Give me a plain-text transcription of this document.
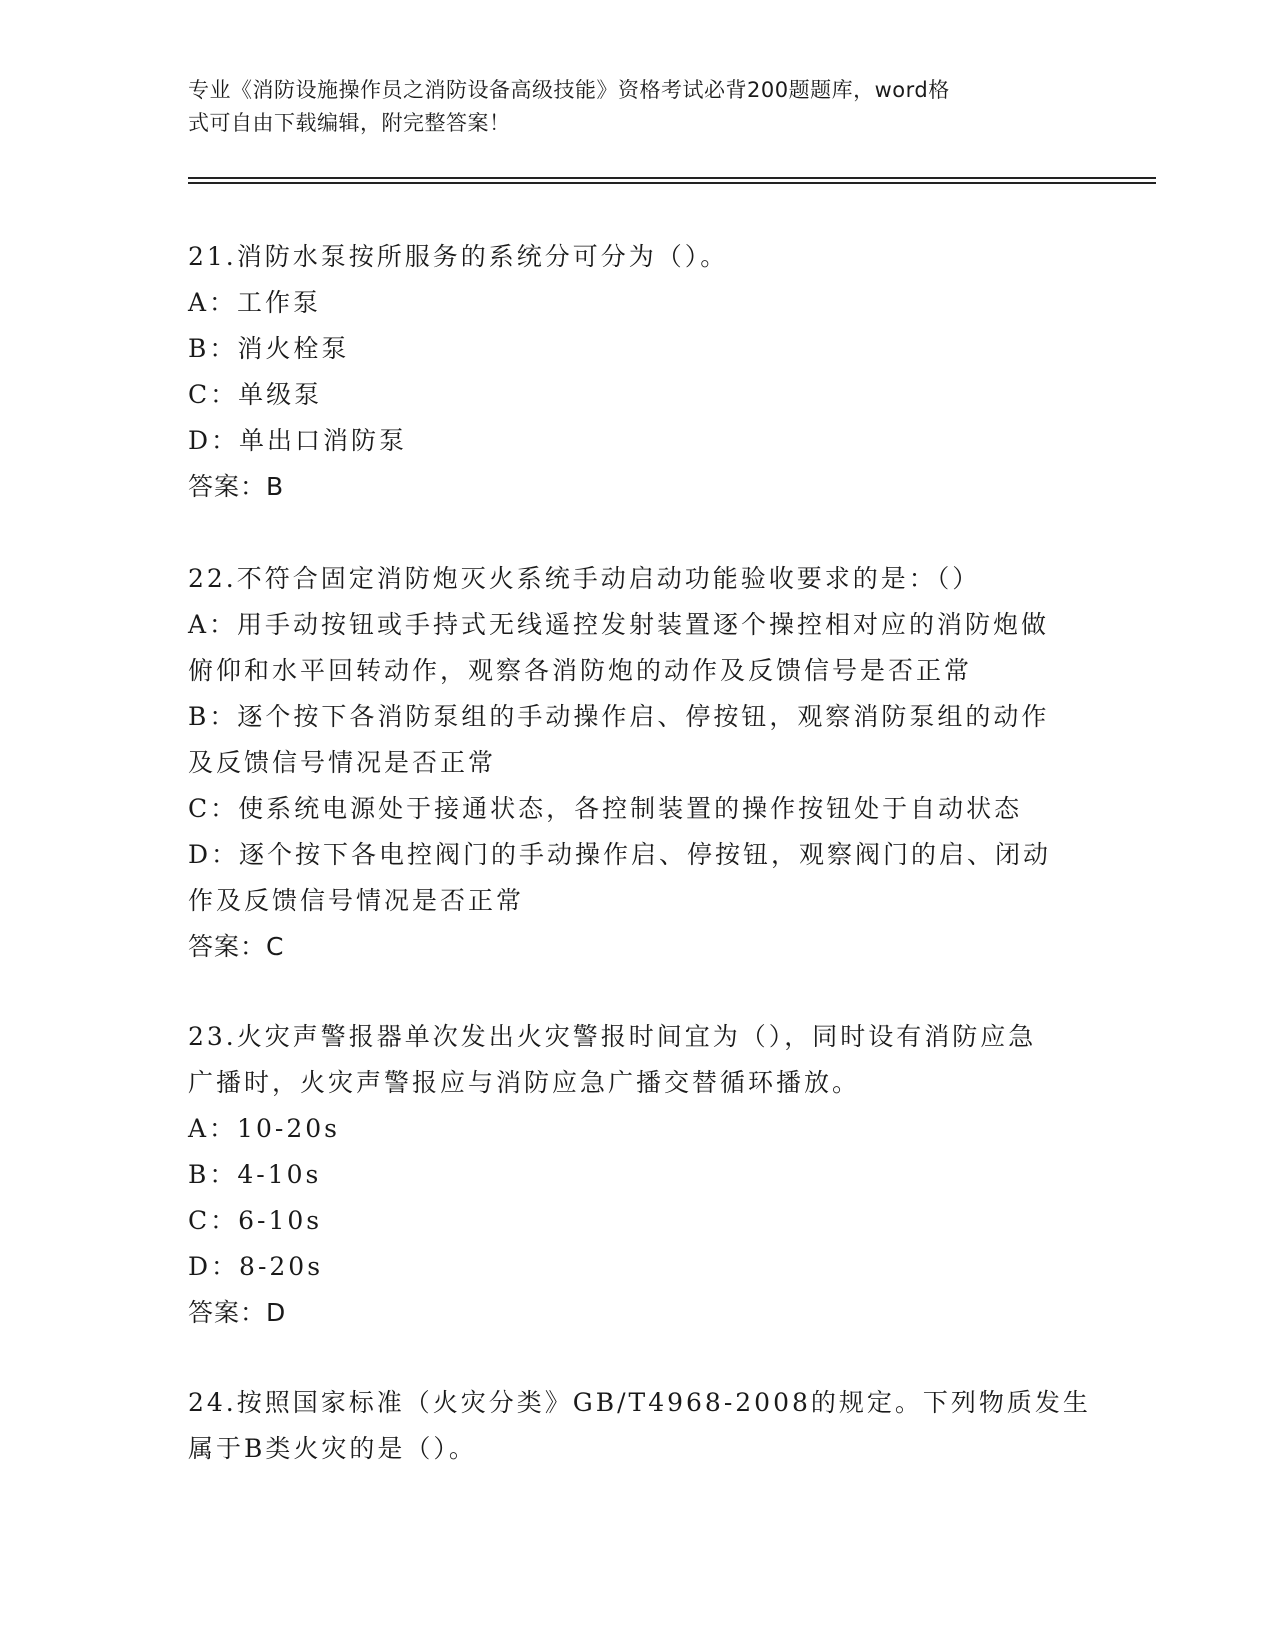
专业《消防设施操作员之消防设备高级技能》资格考试必背200题题库，word格
式可自由下载编辑，附完整答案！
21.消防水泵按所服务的系统分可分为（）。
A：工作泵
B：消火栓泵
C：单级泵
D：单出口消防泵
答案：B
22.不符合固定消防炮灭火系统手动启动功能验收要求的是：（）
A：用手动按钮或手持式无线遥控发射装置逐个操控相对应的消防炮做
俯仰和水平回转动作，观察各消防炮的动作及反馈信号是否正常
B：逐个按下各消防泵组的手动操作启、停按钮，观察消防泵组的动作
及反馈信号情况是否正常
C：使系统电源处于接通状态，各控制装置的操作按钮处于自动状态
D：逐个按下各电控阀门的手动操作启、停按钮，观察阀门的启、闭动
作及反馈信号情况是否正常
答案：C
23.火灾声警报器单次发出火灾警报时间宜为（），同时设有消防应急
广播时，火灾声警报应与消防应急广播交替循环播放。
A：10-20s
B：4-10s
C：6-10s
D：8-20s
答案：D
24.按照国家标准（火灾分类》GB/T4968-2008的规定。下列物质发生
属于B类火灾的是（）。
